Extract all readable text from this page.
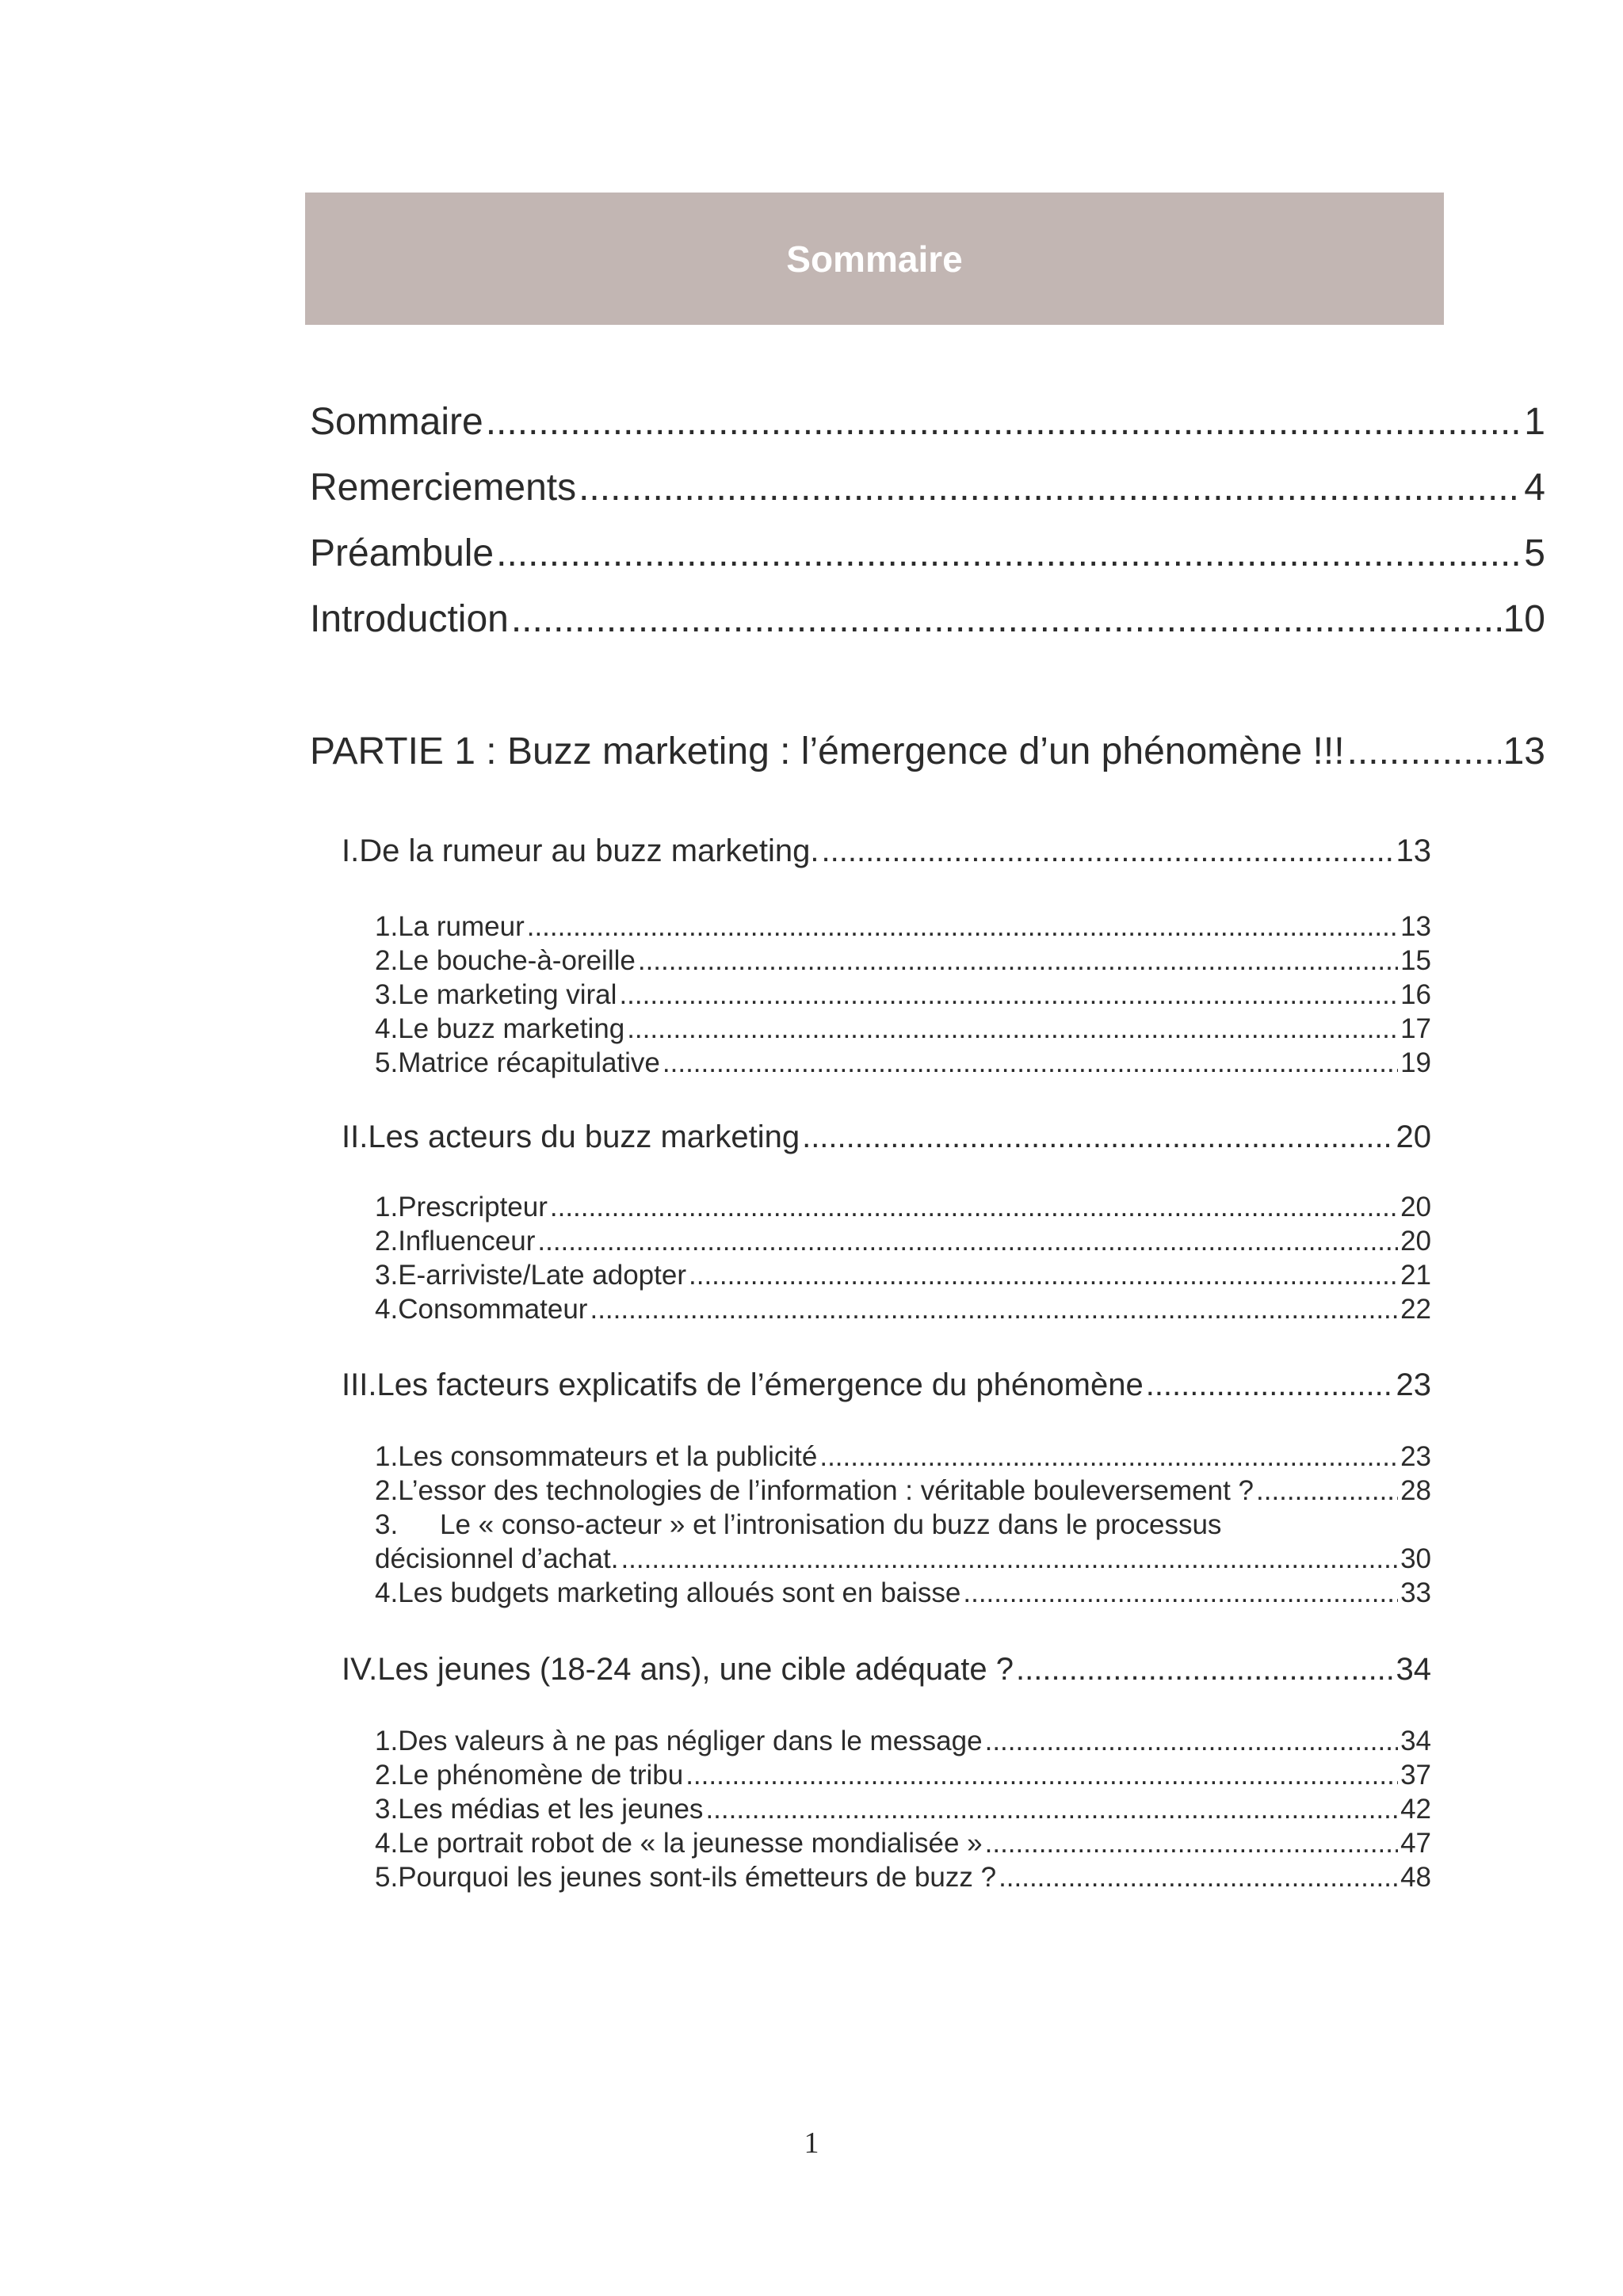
Sommaire
Sommaire .....	1
Remerciements .....	4
Préambule .....	5
Introduction .....	10
PARTIE 1 : Buzz marketing : l’émergence d’un phénomène !!! .....	13
I. De la rumeur au buzz marketing. .....	13
1. La rumeur .....	13
2. Le bouche-à-oreille .....	15
3. Le marketing viral .....	16
4. Le buzz marketing .....	17
5. Matrice récapitulative .....	19
II. Les acteurs du buzz marketing .....	20
1. Prescripteur .....	20
2. Influenceur .....	20
3. E-arriviste/Late adopter .....	21
4. Consommateur .....	22
III. Les facteurs explicatifs de l’émergence du phénomène .....	23
1. Les consommateurs et la publicité .....	23
2. L’essor des technologies de l’information : véritable bouleversement ? .....	28
3.	Le « conso-acteur » et l’intronisation du buzz dans le processus
décisionnel d’achat. .....	30
4. Les budgets marketing alloués sont en baisse .....	33
IV. Les jeunes (18-24 ans), une cible adéquate ? .....	34
1. Des valeurs à ne pas négliger dans le message .....	34
2. Le phénomène de tribu .....	37
3. Les médias et les jeunes .....	42
4. Le portrait robot de « la jeunesse mondialisée » .....	47
5. Pourquoi les jeunes sont-ils émetteurs de buzz ? .....	48
1
